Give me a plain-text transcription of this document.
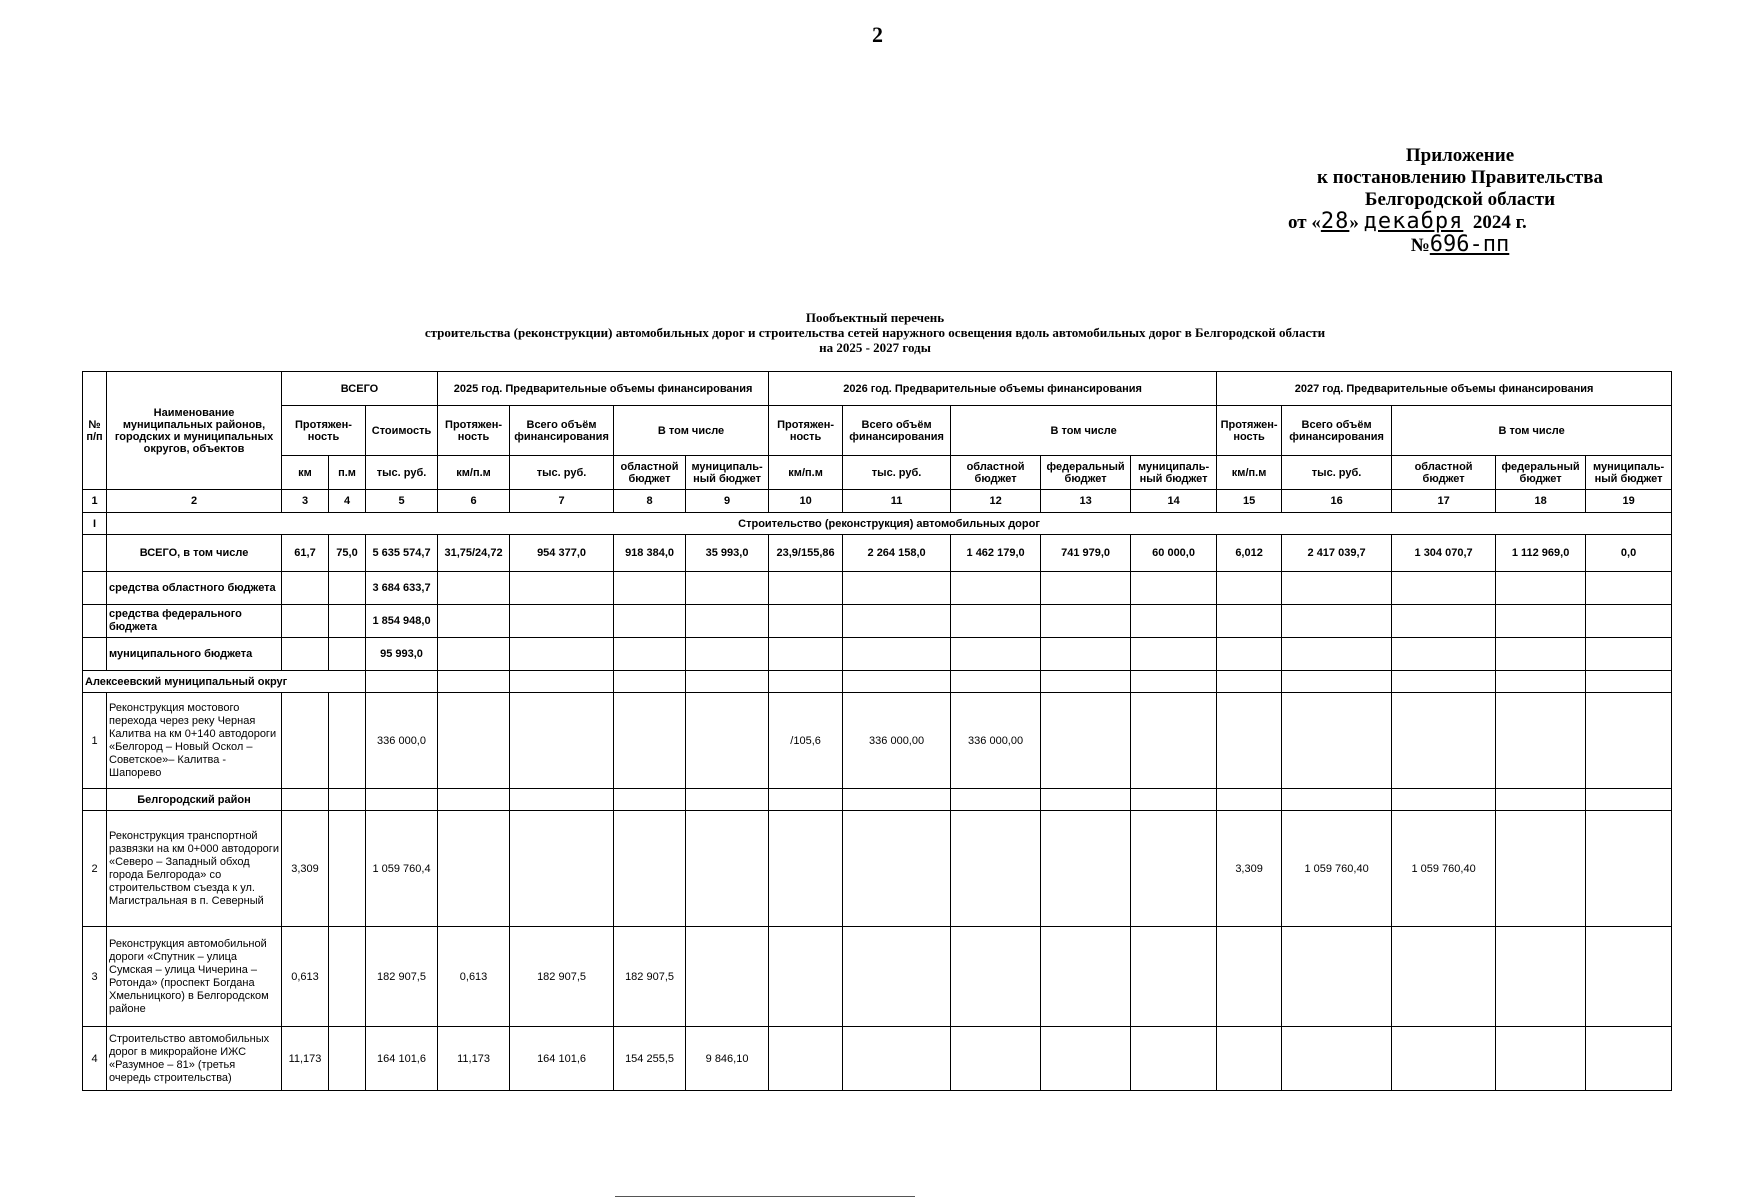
2
Приложение
к постановлению Правительства
Белгородской области
от «28» декабря 2024 г.
№696-пп
Пообъектный перечень
строительства (реконструкции) автомобильных дорог и строительства сетей наружного освещения вдоль автомобильных дорог в Белгородской области
на 2025 - 2027 годы
№ п/п	Наименование муниципальных районов, городских и муниципальных округов, объектов	ВСЕГО			2025 год. Предварительные объемы финансирования				2026 год. Предварительные объемы финансирования					2027 год. Предварительные объемы финансирования				
		Протяжен-ность		Стоимость	Протяжен-ность	Всего объём финансирования	В том числе		Протяжен-ность	Всего объём финансирования	В том числе			Протяжен-ность	Всего объём финансирования	В том числе		
		км	п.м	тыс. руб.	км/п.м	тыс. руб.	областной бюджет	муниципаль-ный бюджет	км/п.м	тыс. руб.	областной бюджет	федеральный бюджет	муниципаль-ный бюджет	км/п.м	тыс. руб.	областной бюджет	федеральный бюджет	муниципаль-ный бюджет
1	2	3	4	5	6	7	8	9	10	11	12	13	14	15	16	17	18	19
I	Строительство (реконструкция) автомобильных дорог																	
	ВСЕГО, в том числе	61,7	75,0	5 635 574,7	31,75/24,72	954 377,0	918 384,0	35 993,0	23,9/155,86	2 264 158,0	1 462 179,0	741 979,0	60 000,0	6,012	2 417 039,7	1 304 070,7	1 112 969,0	0,0
	средства областного бюджета			3 684 633,7														
	средства федерального бюджета			1 854 948,0														
	муниципального бюджета			95 993,0														
Алексеевский муниципальный округ																		
1	Реконструкция мостового перехода через реку Черная Калитва на км 0+140 автодороги «Белгород – Новый Оскол – Советское»– Калитва - Шапорево			336 000,0					/105,6	336 000,00	336 000,00							
	Белгородский район																	
2	Реконструкция транспортной развязки на км 0+000 автодороги «Северо – Западный обход города Белгорода» со строительством съезда к ул. Магистральная в п. Северный	3,309		1 059 760,4										3,309	1 059 760,40	1 059 760,40		
3	Реконструкция автомобильной дороги «Спутник – улица Сумская – улица Чичерина – Ротонда» (проспект Богдана Хмельницкого) в Белгородском районе	0,613		182 907,5	0,613	182 907,5	182 907,5											
4	Строительство автомобильных дорог в микрорайоне ИЖС «Разумное – 81» (третья очередь строительства)	11,173		164 101,6	11,173	164 101,6	154 255,5	9 846,10										
